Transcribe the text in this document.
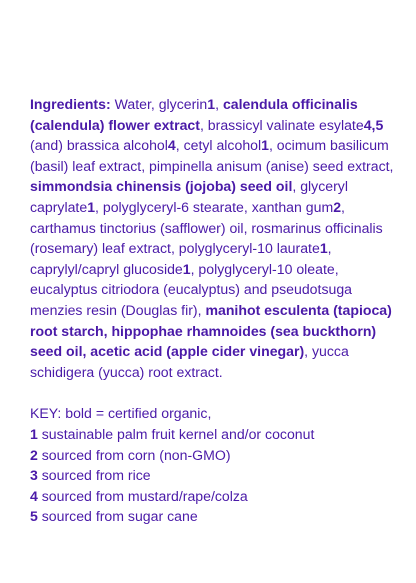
Ingredients: Water, glycerin1, calendula officinalis (calendula) flower extract, brassicyl valinate esylate4,5 (and) brassica alcohol4, cetyl alcohol1, ocimum basilicum (basil) leaf extract, pimpinella anisum (anise) seed extract, simmondsia chinensis (jojoba) seed oil, glyceryl caprylate1, polyglyceryl-6 stearate, xanthan gum2, carthamus tinctorius (safflower) oil, rosmarinus officinalis (rosemary) leaf extract, polyglyceryl-10 laurate1, caprylyl/capryl glucoside1, polyglyceryl-10 oleate, eucalyptus citriodora (eucalyptus) and pseudotsuga menzies resin (Douglas fir), manihot esculenta (tapioca) root starch, hippophae rhamnoides (sea buckthorn) seed oil, acetic acid (apple cider vinegar), yucca schidigera (yucca) root extract.

KEY: bold = certified organic,

1 sustainable palm fruit kernel and/or coconut
2 sourced from corn (non-GMO)
3 sourced from rice
4 sourced from mustard/rape/colza
5 sourced from sugar cane
